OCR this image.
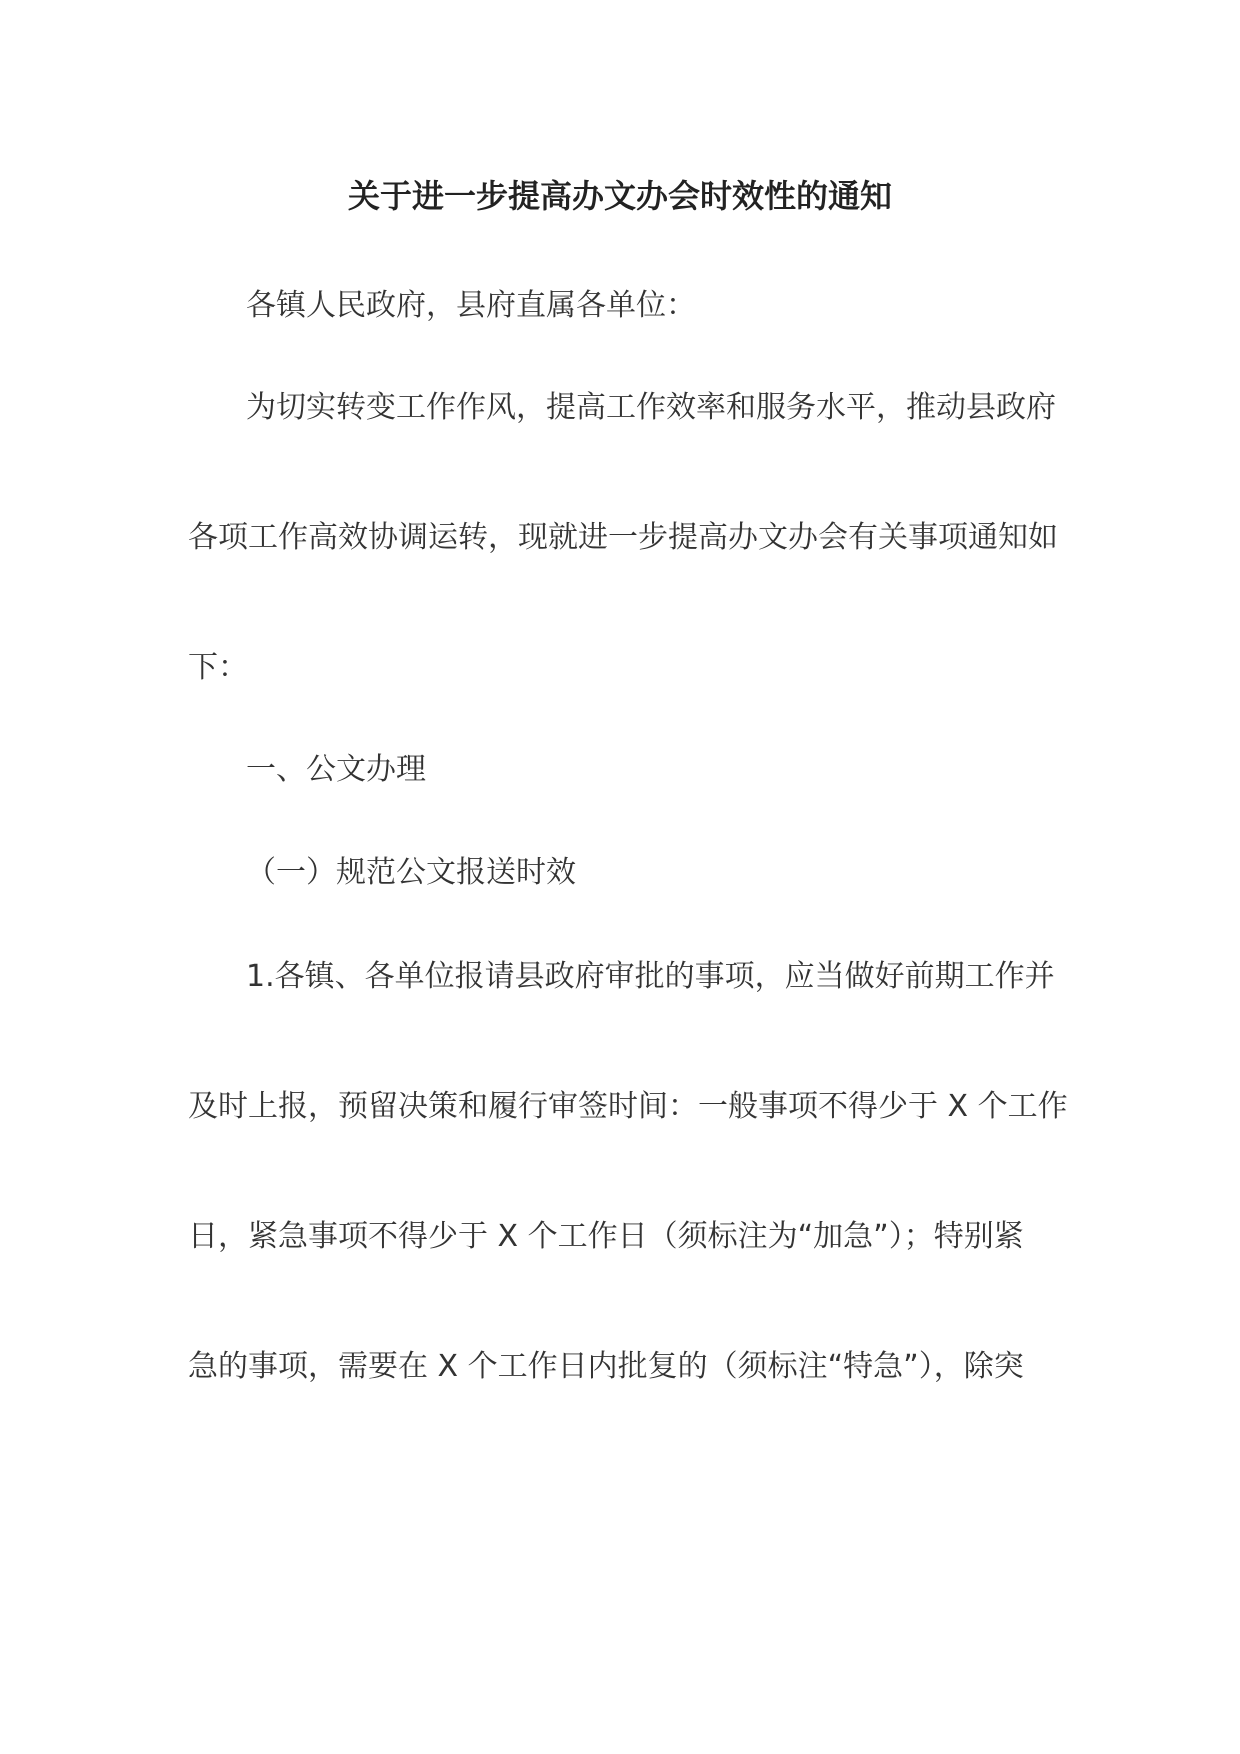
关于进一步提高办文办会时效性的通知
各镇人民政府，县府直属各单位：
为切实转变工作作风，提高工作效率和服务水平，推动县政府
各项工作高效协调运转，现就进一步提高办文办会有关事项通知如
下：
一、公文办理
（一）规范公文报送时效
1.各镇、各单位报请县政府审批的事项，应当做好前期工作并
及时上报，预留决策和履行审签时间：一般事项不得少于 X 个工作
日，紧急事项不得少于 X 个工作日（须标注为“加急”）；特别紧
急的事项，需要在 X 个工作日内批复的（须标注“特急”），除突
